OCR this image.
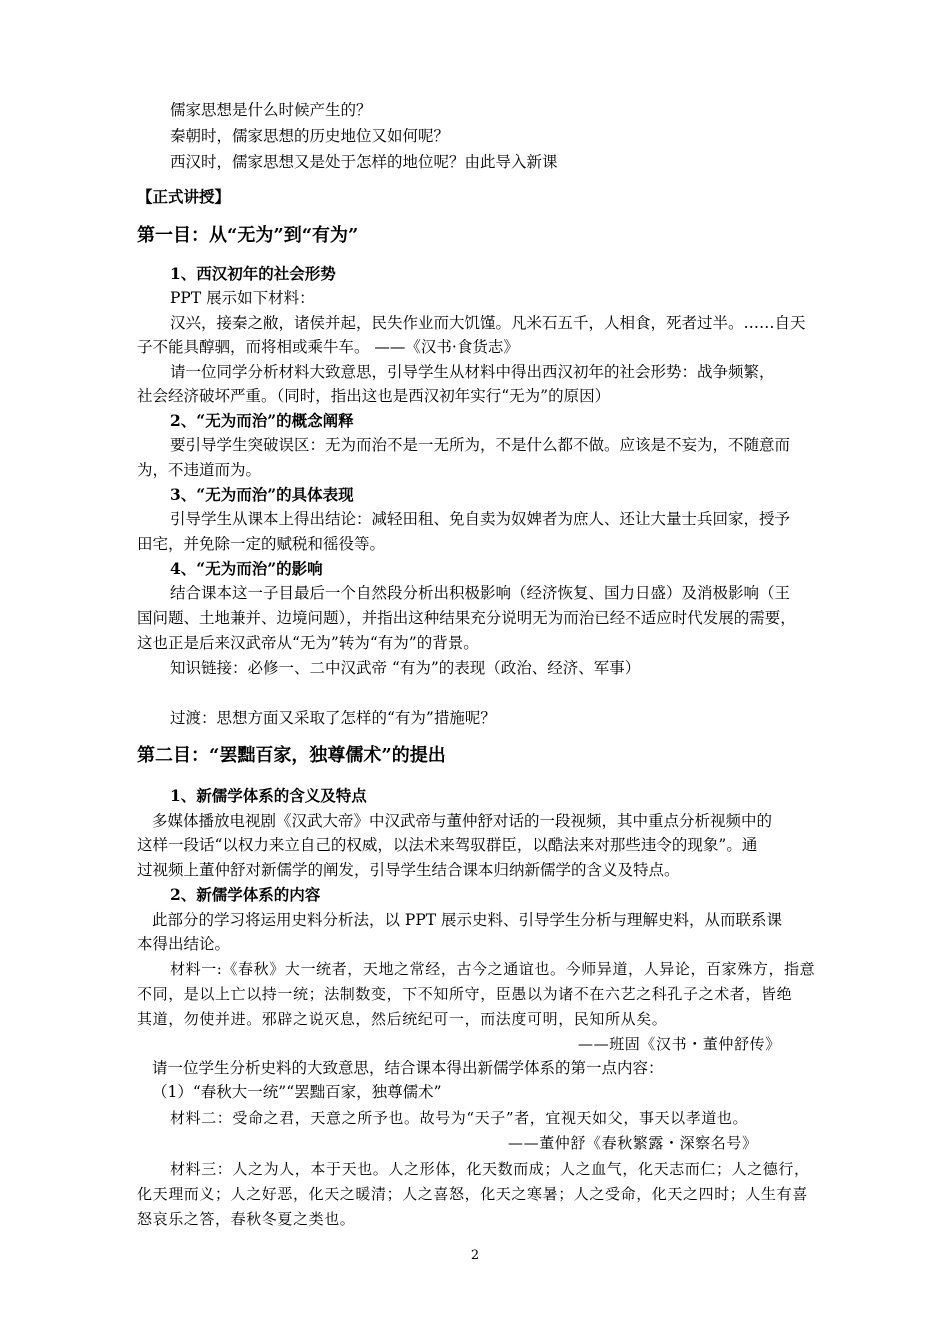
儒家思想是什么时候产生的？
秦朝时，儒家思想的历史地位又如何呢？
西汉时，儒家思想又是处于怎样的地位呢？由此导入新课
【正式讲授】
第一目：从“无为”到“有为”
1、西汉初年的社会形势
PPT 展示如下材料：
汉兴，接秦之敝，诸侯并起，民失作业而大饥馑。凡米石五千，人相食，死者过半。……自天
子不能具醇驷，而将相或乘牛车。 ——《汉书·食货志》
请一位同学分析材料大致意思，引导学生从材料中得出西汉初年的社会形势：战争频繁，
社会经济破坏严重。（同时，指出这也是西汉初年实行“无为”的原因）
2、“无为而治”的概念阐释
要引导学生突破误区：无为而治不是一无所为，不是什么都不做。应该是不妄为，不随意而
为，不违道而为。
3、“无为而治”的具体表现
引导学生从课本上得出结论：减轻田租、免自卖为奴婢者为庶人、还让大量士兵回家，授予
田宅，并免除一定的赋税和徭役等。
4、“无为而治”的影响
结合课本这一子目最后一个自然段分析出积极影响（经济恢复、国力日盛）及消极影响（王
国问题、土地兼并、边境问题），并指出这种结果充分说明无为而治已经不适应时代发展的需要，
这也正是后来汉武帝从“无为”转为“有为”的背景。
知识链接：必修一、二中汉武帝 “有为”的表现（政治、经济、军事）
过渡：思想方面又采取了怎样的“有为”措施呢？
第二目：“罢黜百家，独尊儒术”的提出
1、新儒学体系的含义及特点
多媒体播放电视剧《汉武大帝》中汉武帝与董仲舒对话的一段视频，其中重点分析视频中的
这样一段话“以权力来立自己的权威，以法术来驾驭群臣，以酷法来对那些违令的现象”。通
过视频上董仲舒对新儒学的阐发，引导学生结合课本归纳新儒学的含义及特点。
2、新儒学体系的内容
此部分的学习将运用史料分析法，以 PPT 展示史料、引导学生分析与理解史料，从而联系课
本得出结论。
材料一:《春秋》大一统者，天地之常经，古今之通谊也。今师异道，人异论，百家殊方，指意
不同，是以上亡以持一统；法制数变，下不知所守，臣愚以为诸不在六艺之科孔子之术者，皆绝
其道，勿使并进。邪辟之说灭息，然后统纪可一，而法度可明，民知所从矣。
——班固《汉书・董仲舒传》
请一位学生分析史料的大致意思，结合课本得出新儒学体系的第一点内容：
（1）“春秋大一统”“罢黜百家，独尊儒术”
材料二：受命之君，天意之所予也。故号为“天子”者，宜视天如父，事天以孝道也。
——董仲舒《春秋繁露・深察名号》
材料三：人之为人，本于天也。人之形体，化天数而成；人之血气，化天志而仁；人之德行，
化天理而义；人之好恶，化天之暖清；人之喜怒，化天之寒暑；人之受命，化天之四时；人生有喜
怒哀乐之答，春秋冬夏之类也。
2
